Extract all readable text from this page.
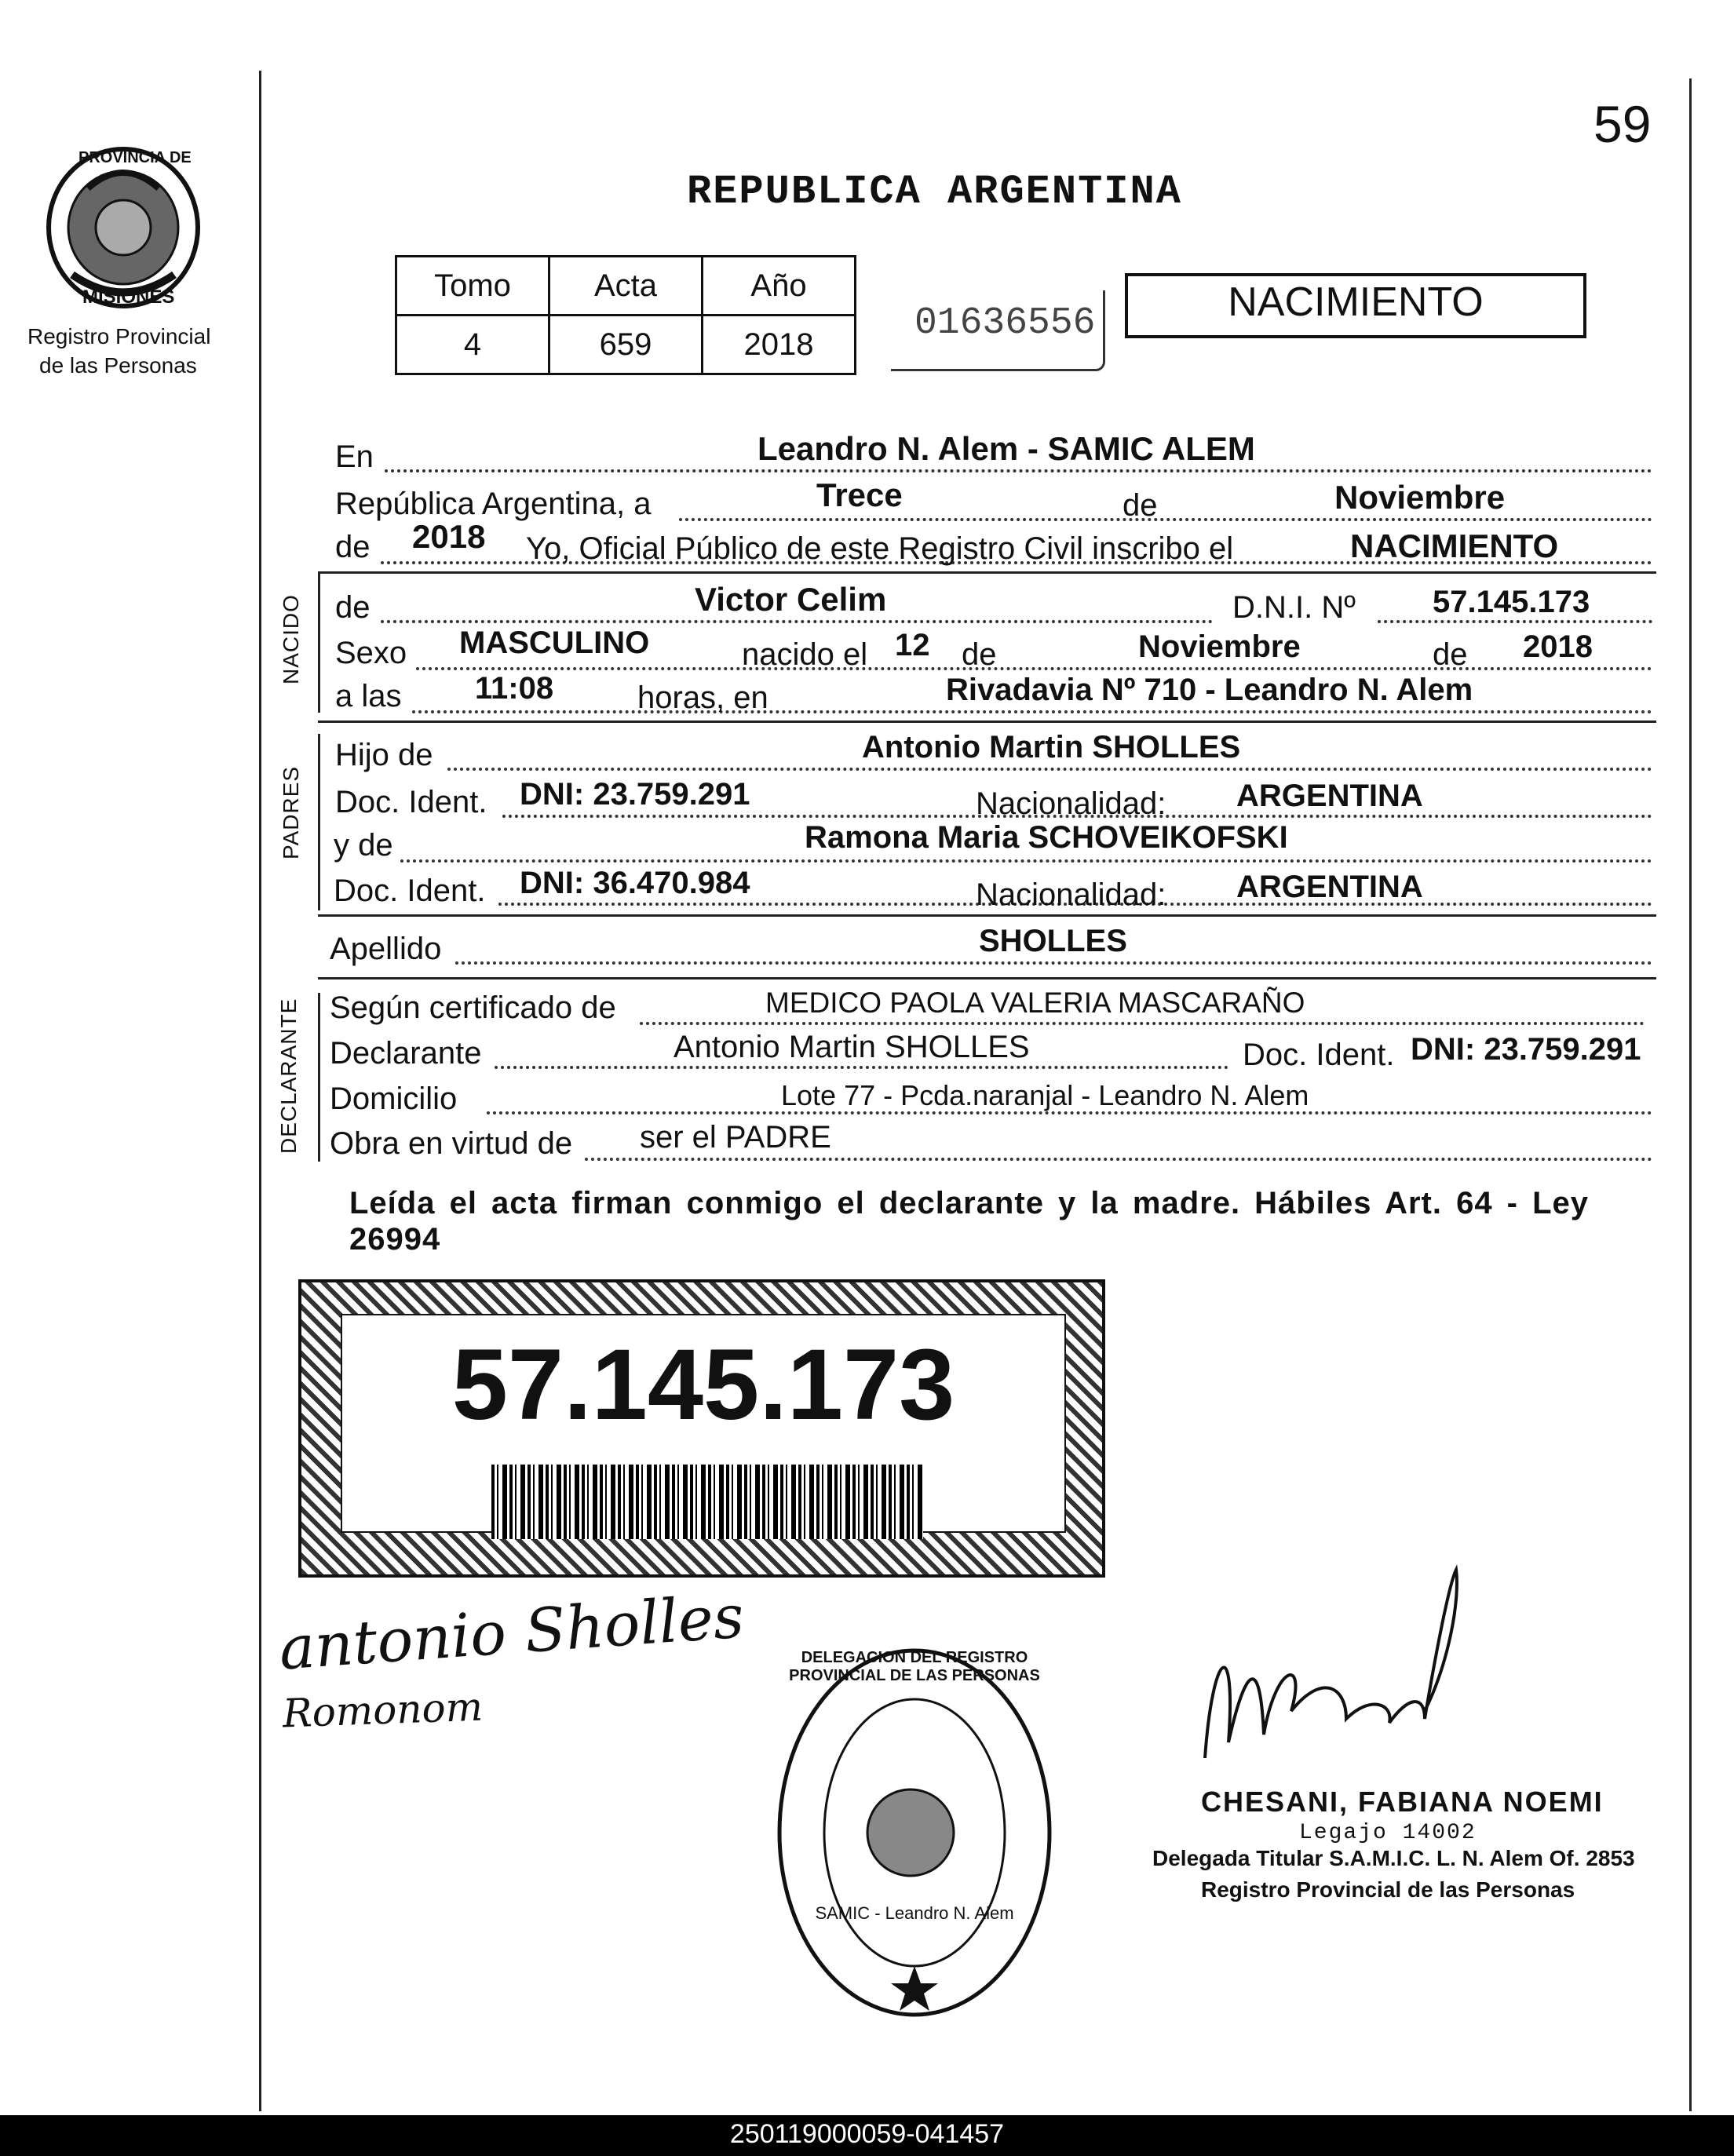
59
PROVINCIA DE
MISIONES
Registro Provincial
de las Personas
REPUBLICA ARGENTINA
Tomo	Acta	Año
4	659	2018	01636556	NACIMIENTO
En	Leandro N. Alem - SAMIC ALEM
República Argentina, a	Trece	de	Noviembre
de 2018 Yo, Oficial Público de este Registro Civil inscribo el	NACIMIENTO
NACIDO de	Victor Celim	D.N.I. Nº 57.145.173
Sexo MASCULINO	nacido el 12 de	Noviembre	de 2018
a las 11:08	horas, en	Rivadavia Nº 710 - Leandro N. Alem
PADRES
Hijo de	Antonio Martin SHOLLES
Doc. Ident. DNI: 23.759.291	Nacionalidad: ARGENTINA
y de	Ramona Maria SCHOVEIKOFSKI
Doc. Ident. DNI: 36.470.984	Nacionalidad: ARGENTINA
Apellido	SHOLLES
DECLARANTE Según certificado de	MEDICO PAOLA VALERIA MASCARAÑO
Declarante	Antonio Martin SHOLLES	Doc. Ident. DNI: 23.759.291
Domicilio	Lote 77 - Pcda.naranjal - Leandro N. Alem
Obra en virtud de ser el PADRE
Leída el acta firman conmigo el declarante y la madre. Hábiles Art. 64 - Ley 26994
57.145.173
antonio Sholles
Romonom
DELEGACION DEL REGISTRO PROVINCIAL DE LAS PERSONAS
SAMIC - Leandro N. Alem
CHESANI, FABIANA NOEMI
Legajo 14002
Delegada Titular S.A.M.I.C. L. N. Alem Of. 2853
Registro Provincial de las Personas
250119000059-041457
